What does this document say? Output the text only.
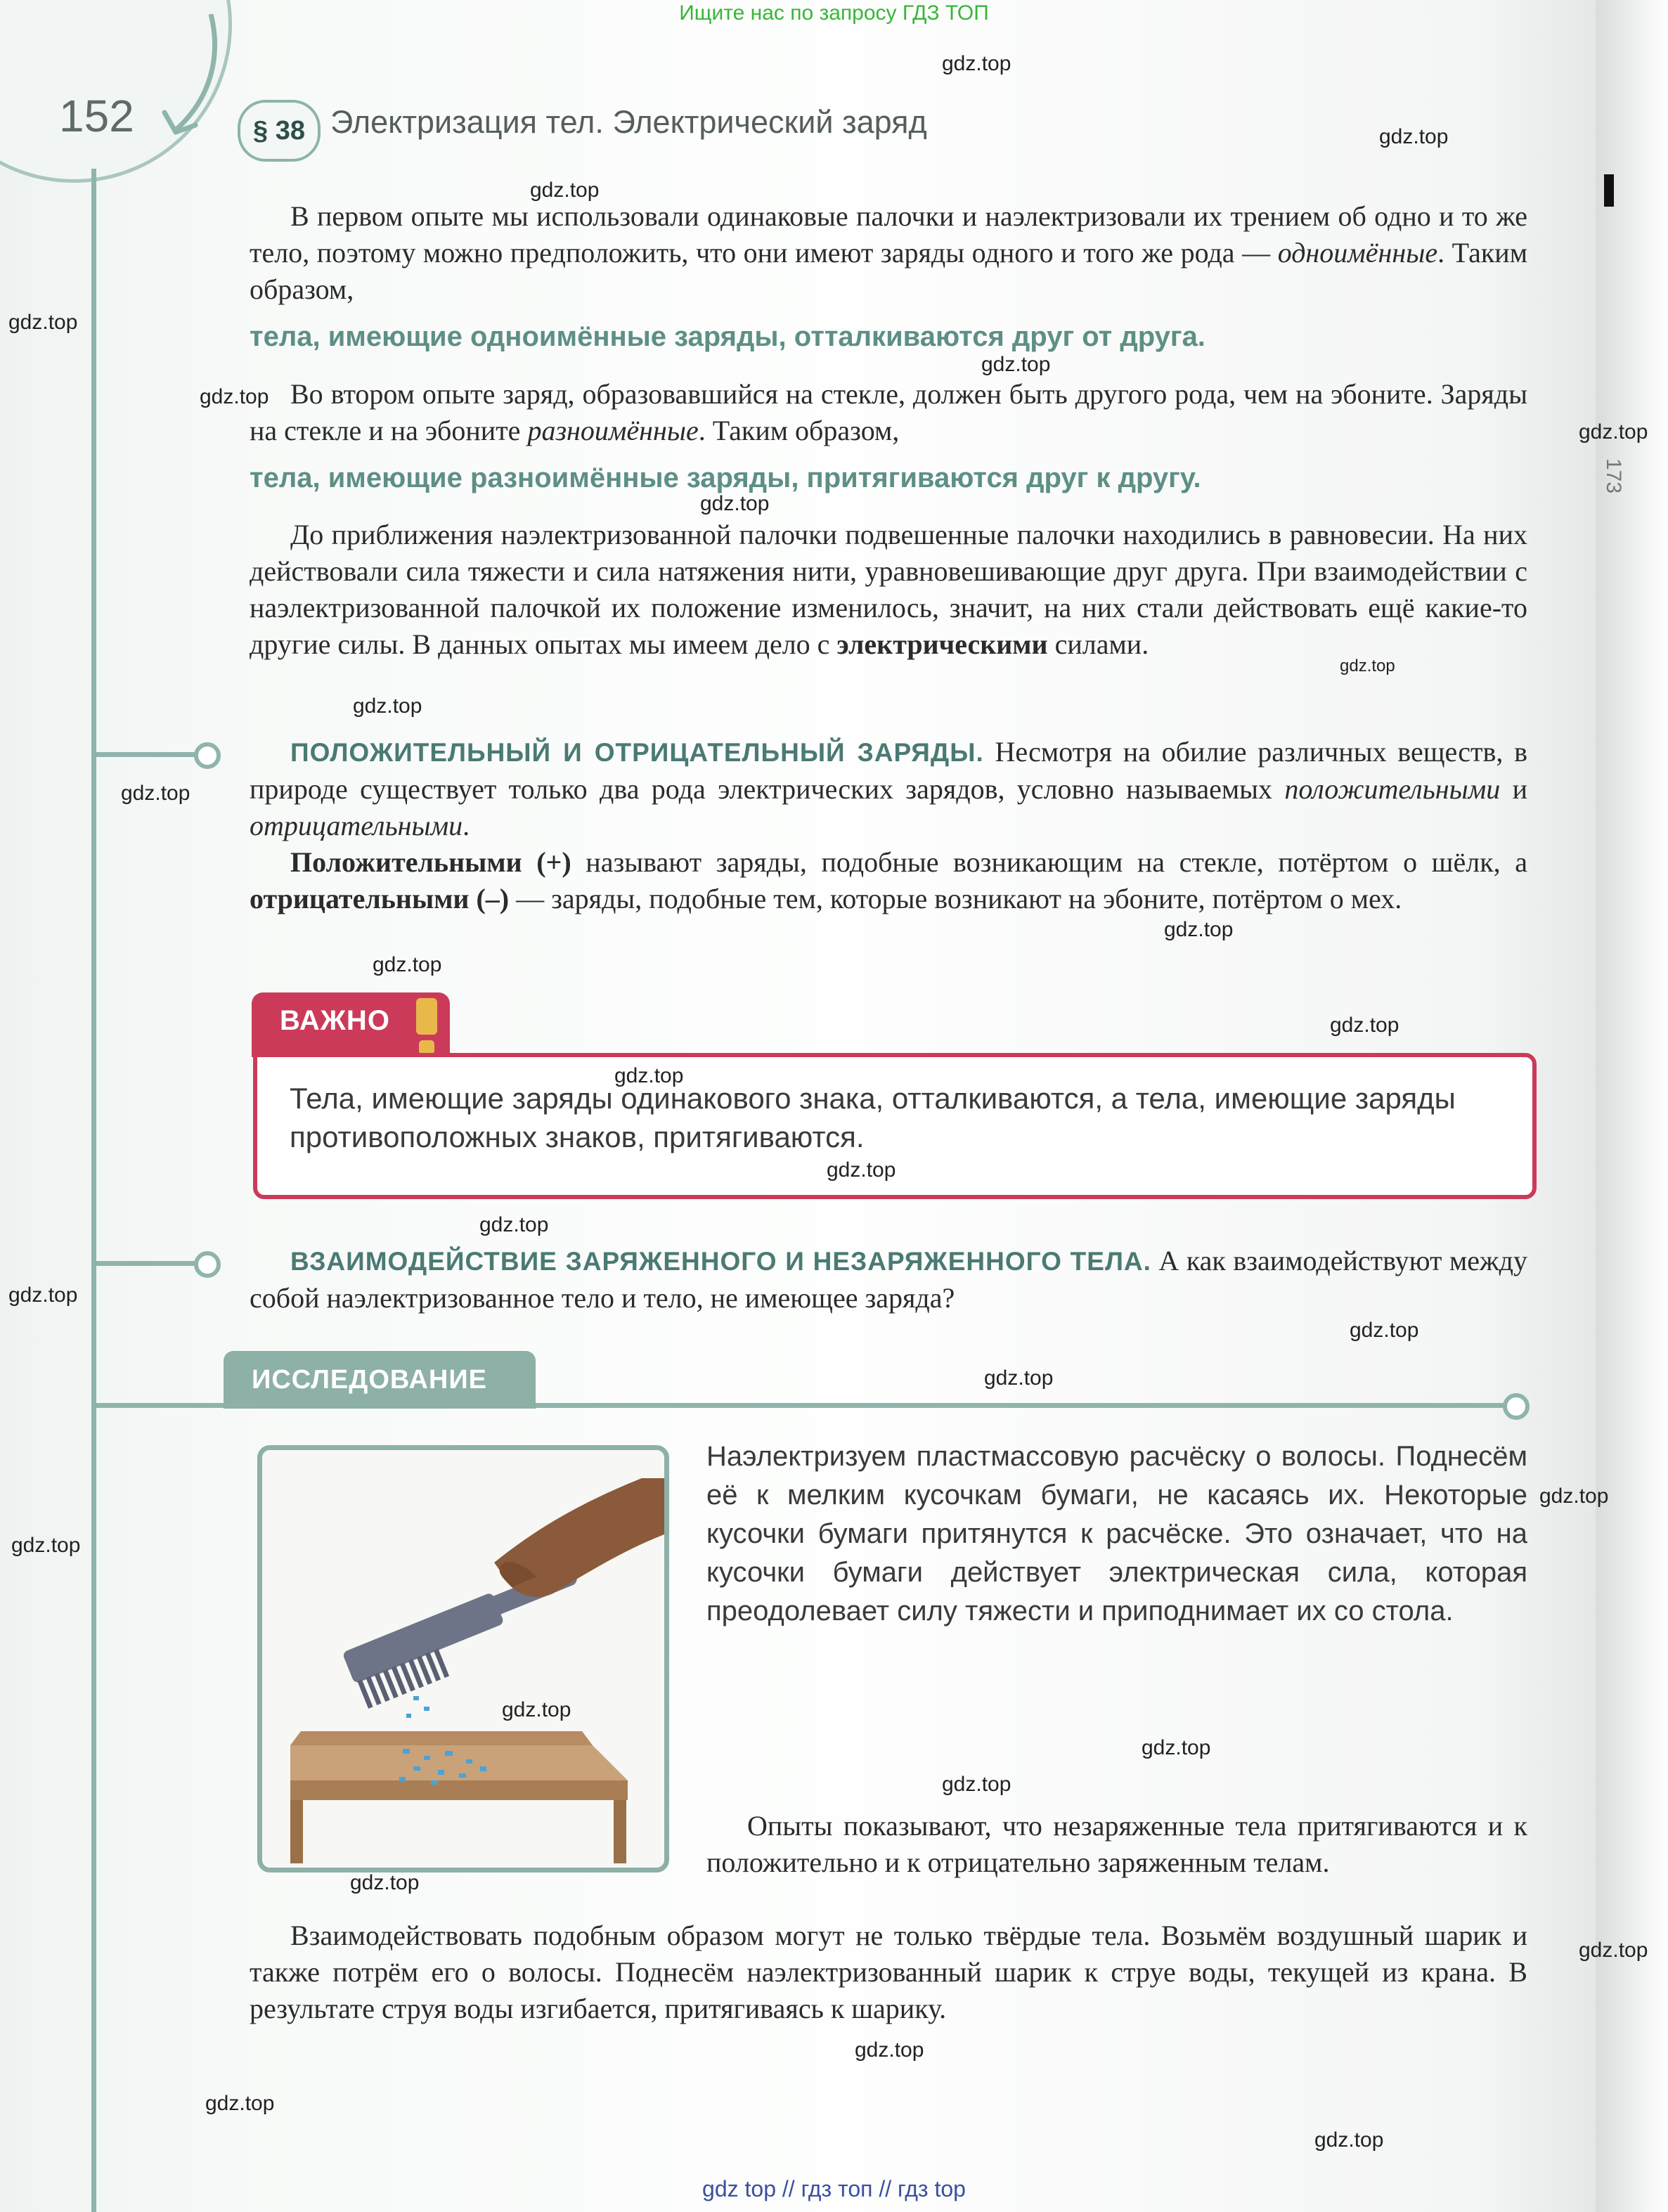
173
Ищите нас по запросу ГДЗ ТОП
152	§ 38 Электризация тел. Электрический заряд

В первом опыте мы использовали одинаковые палочки и наэлектризовали их трением об одно и то же тело, поэтому можно предположить, что они имеют заряды одного и того же рода — одноимённые. Таким образом,

тела, имеющие одноимённые заряды, отталкиваются друг от друга.

Во втором опыте заряд, образовавшийся на стекле, должен быть другого рода, чем на эбоните. Заряды на стекле и на эбоните разноимённые. Таким образом,

тела, имеющие разноимённые заряды, притягиваются друг к другу.

До приближения наэлектризованной палочки подвешенные палочки находились в равновесии. На них действовали сила тяжести и сила натяжения нити, уравновешивающие друг друга. При взаимодействии с наэлектризованной палочкой их положение изменилось, значит, на них стали действовать ещё какие-то другие силы. В данных опытах мы имеем дело с электрическими силами.

ПОЛОЖИТЕЛЬНЫЙ И ОТРИЦАТЕЛЬНЫЙ ЗАРЯДЫ. Несмотря на обилие различных веществ, в природе существует только два рода электрических зарядов, условно называемых положительными и отрицательными.

Положительными (+) называют заряды, подобные возникающим на стекле, потёртом о шёлк, а отрицательными (–) — заряды, подобные тем, которые возникают на эбоните, потёртом о мех.

ВАЖНО
Тела, имеющие заряды одинакового знака, отталкиваются, а тела, имеющие заряды противоположных знаков, притягиваются.

ВЗАИМОДЕЙСТВИЕ ЗАРЯЖЕННОГО И НЕЗАРЯЖЕННОГО ТЕЛА. А как взаимодействуют между собой наэлектризованное тело и тело, не имеющее заряда?

ИССЛЕДОВАНИЕ
Наэлектризуем пластмассовую расчёску о волосы. Поднесём её к мелким кусочкам бумаги, не касаясь их. Некоторые кусочки бумаги притянутся к расчёске. Это означает, что на кусочки бумаги действует электрическая сила, которая преодолевает силу тяжести и приподнимает их со стола.

Опыты показывают, что незаряженные тела притягиваются и к положительно и к отрицательно заряженным телам.

Взаимодействовать подобным образом могут не только твёрдые тела. Возьмём воздушный шарик и также потрём его о волосы. Поднесём наэлектризованный шарик к струе воды, текущей из крана. В результате струя воды изгибается, притягиваясь к шарику.

gdz.top
gdz.top
gdz.top
gdz.top
gdz.top
gdz.top
gdz.top
gdz.top
gdz.top
gdz.top
gdz.top
gdz.top
gdz.top
gdz.top
gdz.top
gdz.top
gdz.top
gdz.top
gdz.top
gdz.top
gdz.top
gdz.top
gdz.top
gdz.top
gdz.top
gdz.top
gdz.top
gdz.top
gdz.top
gdz.top
gdz top // гдз топ // гдз top
